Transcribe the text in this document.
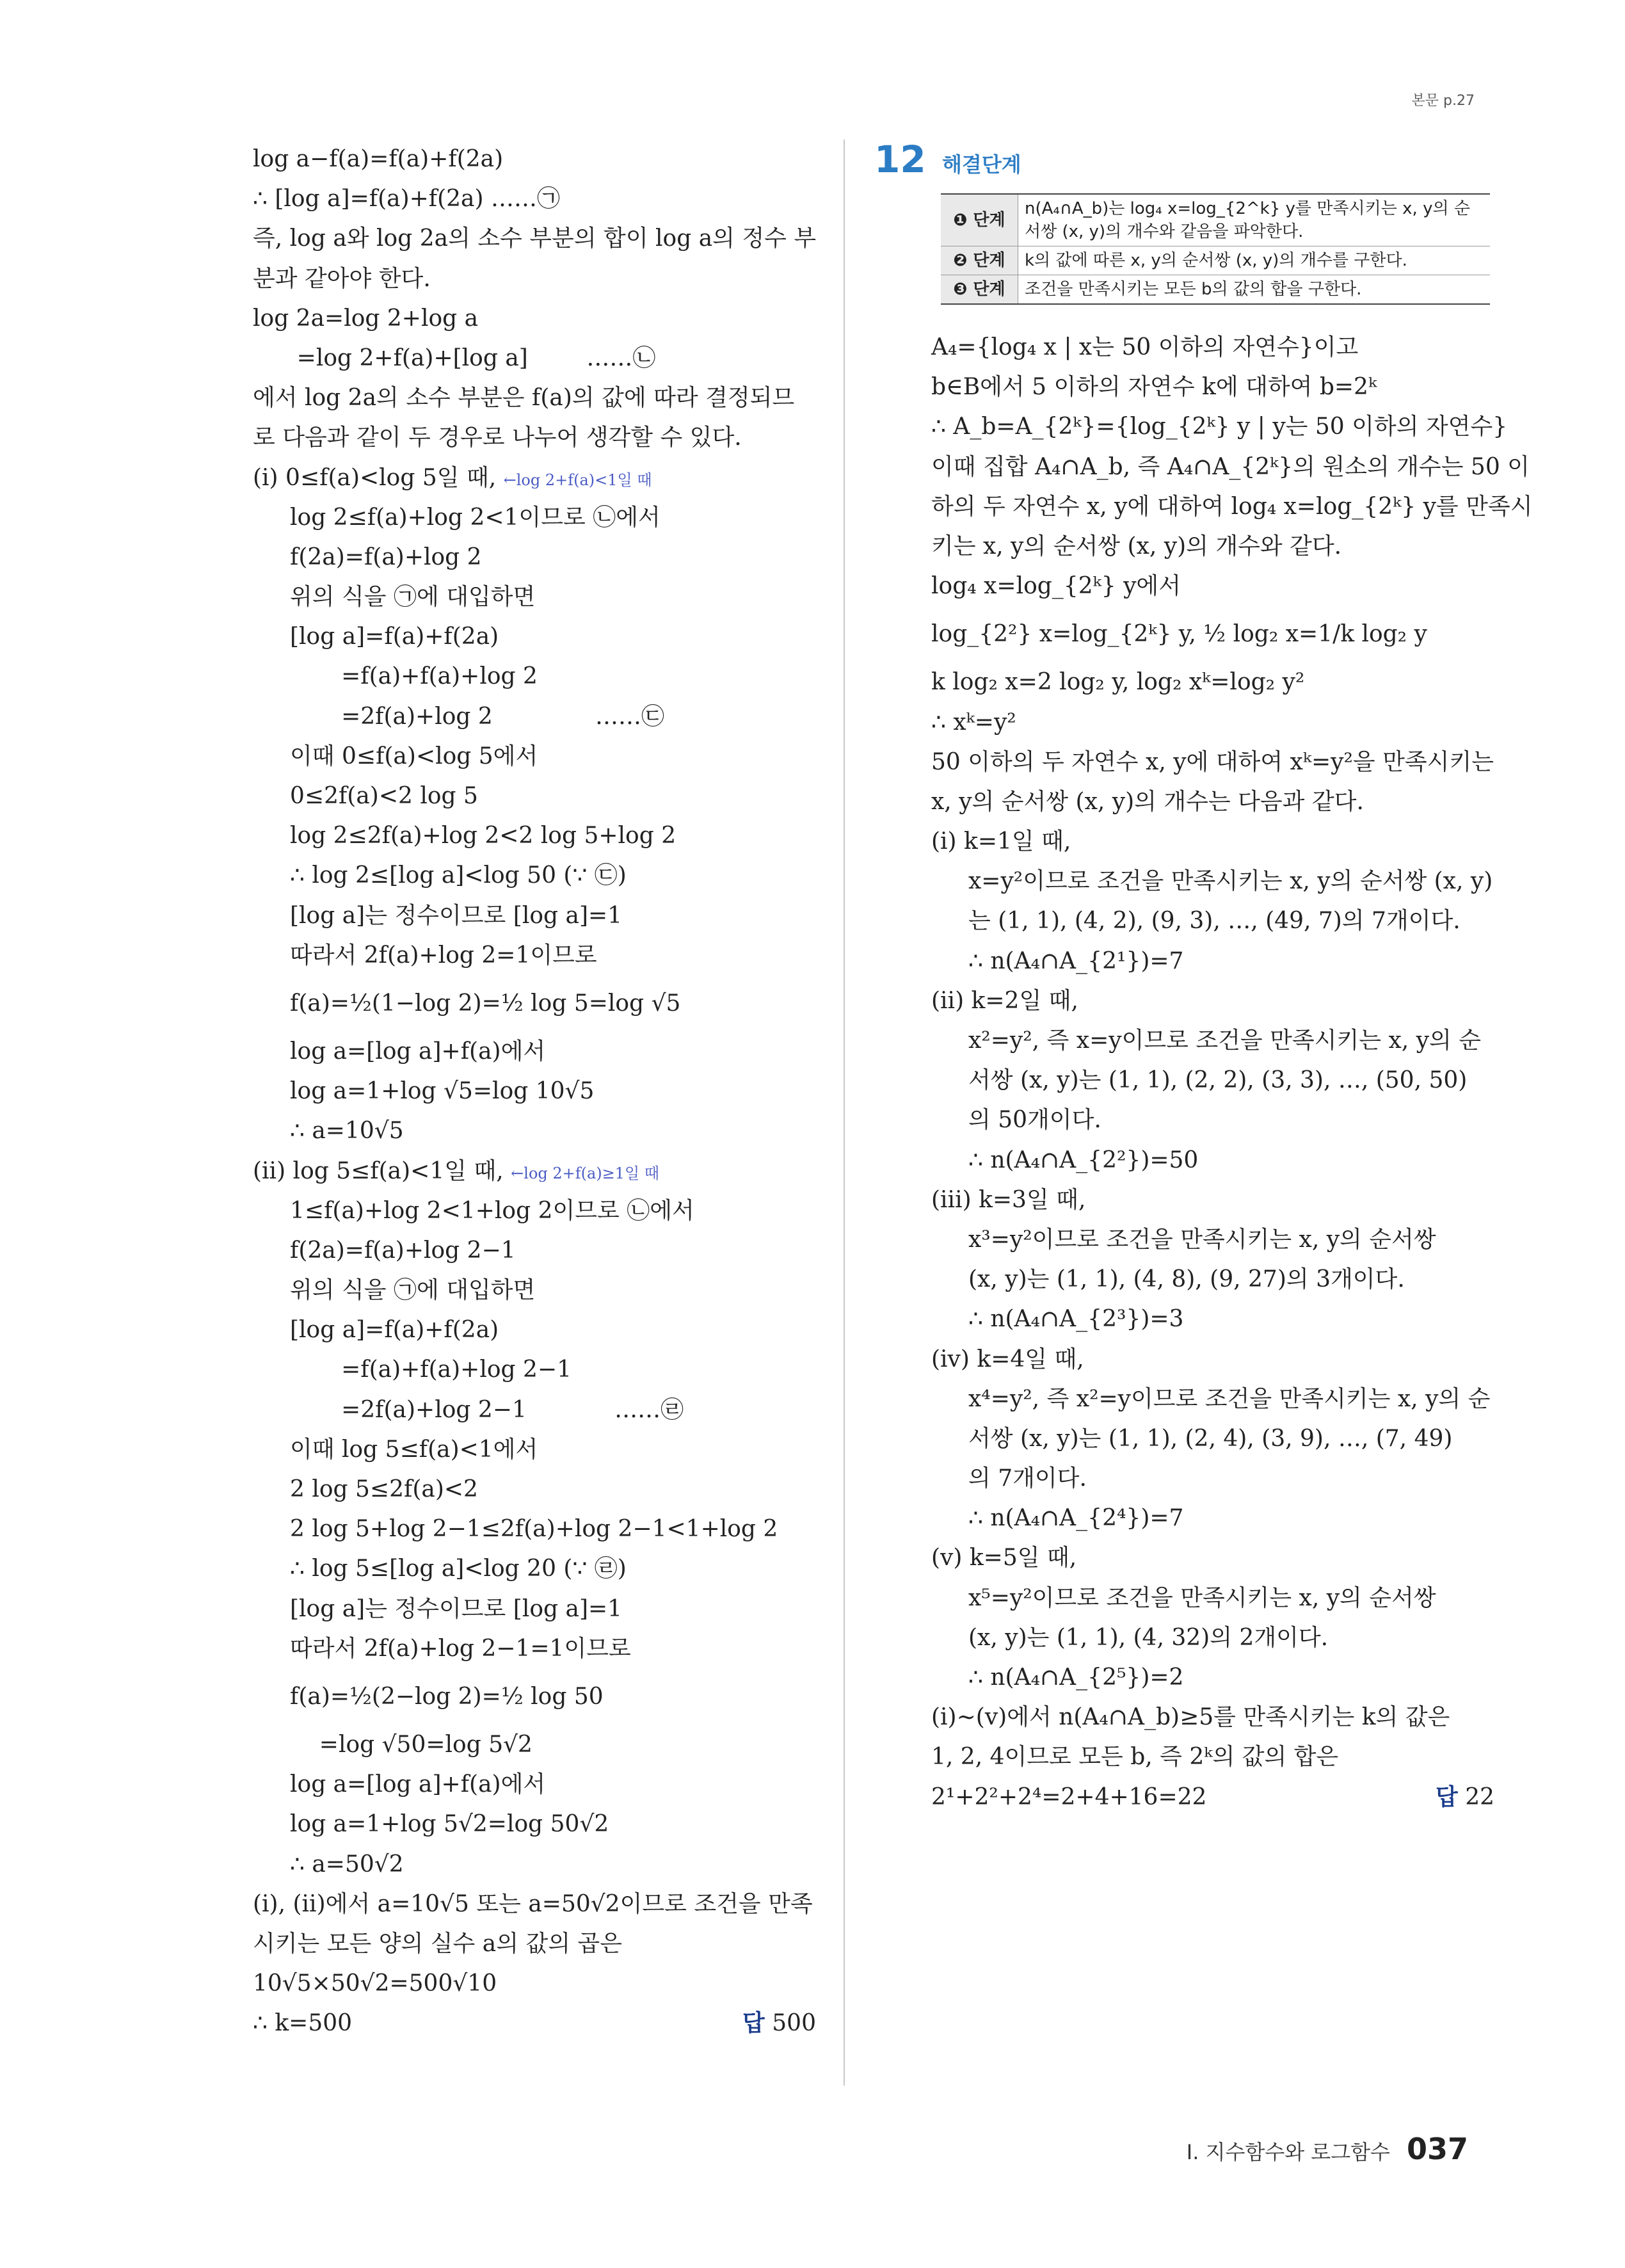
본문 p.27
log a−f(a)=f(a)+f(2a)
∴ [log a]=f(a)+f(2a) ……㉠
즉, log a와 log 2a의 소수 부분의 합이 log a의 정수 부
분과 같아야 한다.
log 2a=log 2+log a
=log 2+f(a)+[log a]        ……㉡
에서 log 2a의 소수 부분은 f(a)의 값에 따라 결정되므
로 다음과 같이 두 경우로 나누어 생각할 수 있다.
(i) 0≤f(a)<log 5일 때, ←log 2+f(a)<1일 때
log 2≤f(a)+log 2<1이므로 ㉡에서
f(2a)=f(a)+log 2
위의 식을 ㉠에 대입하면
[log a]=f(a)+f(2a)
=f(a)+f(a)+log 2
=2f(a)+log 2              ……㉢
이때 0≤f(a)<log 5에서
0≤2f(a)<2 log 5
log 2≤2f(a)+log 2<2 log 5+log 2
∴ log 2≤[log a]<log 50 (∵ ㉢)
[log a]는 정수이므로 [log a]=1
따라서 2f(a)+log 2=1이므로
f(a)=½(1−log 2)=½ log 5=log √5
log a=[log a]+f(a)에서
log a=1+log √5=log 10√5
∴ a=10√5
(ii) log 5≤f(a)<1일 때, ←log 2+f(a)≥1일 때
1≤f(a)+log 2<1+log 2이므로 ㉡에서
f(2a)=f(a)+log 2−1
위의 식을 ㉠에 대입하면
[log a]=f(a)+f(2a)
=f(a)+f(a)+log 2−1
=2f(a)+log 2−1            ……㉣
이때 log 5≤f(a)<1에서
2 log 5≤2f(a)<2
2 log 5+log 2−1≤2f(a)+log 2−1<1+log 2
∴ log 5≤[log a]<log 20 (∵ ㉣)
[log a]는 정수이므로 [log a]=1
따라서 2f(a)+log 2−1=1이므로
f(a)=½(2−log 2)=½ log 50
=log √50=log 5√2
log a=[log a]+f(a)에서
log a=1+log 5√2=log 50√2
∴ a=50√2
(i), (ii)에서 a=10√5 또는 a=50√2이므로 조건을 만족
시키는 모든 양의 실수 a의 값의 곱은
10√5×50√2=500√10
∴ k=500	답 500
12 해결단계
❶ 단계	n(A₄∩A_b)는 log₄ x=log_{2^k} y를 만족시키는 x, y의 순서쌍 (x, y)의 개수와 같음을 파악한다.
❷ 단계	k의 값에 따른 x, y의 순서쌍 (x, y)의 개수를 구한다.
❸ 단계	조건을 만족시키는 모든 b의 값의 합을 구한다.
A₄={log₄ x | x는 50 이하의 자연수}이고
b∈B에서 5 이하의 자연수 k에 대하여 b=2ᵏ
∴ A_b=A_{2ᵏ}={log_{2ᵏ} y | y는 50 이하의 자연수}
이때 집합 A₄∩A_b, 즉 A₄∩A_{2ᵏ}의 원소의 개수는 50 이
하의 두 자연수 x, y에 대하여 log₄ x=log_{2ᵏ} y를 만족시
키는 x, y의 순서쌍 (x, y)의 개수와 같다.
log₄ x=log_{2ᵏ} y에서
log_{2²} x=log_{2ᵏ} y, ½ log₂ x=1/k log₂ y
k log₂ x=2 log₂ y, log₂ xᵏ=log₂ y²
∴ xᵏ=y²
50 이하의 두 자연수 x, y에 대하여 xᵏ=y²을 만족시키는
x, y의 순서쌍 (x, y)의 개수는 다음과 같다.
(i) k=1일 때,
x=y²이므로 조건을 만족시키는 x, y의 순서쌍 (x, y)
는 (1, 1), (4, 2), (9, 3), …, (49, 7)의 7개이다.
∴ n(A₄∩A_{2¹})=7
(ii) k=2일 때,
x²=y², 즉 x=y이므로 조건을 만족시키는 x, y의 순
서쌍 (x, y)는 (1, 1), (2, 2), (3, 3), …, (50, 50)
의 50개이다.
∴ n(A₄∩A_{2²})=50
(iii) k=3일 때,
x³=y²이므로 조건을 만족시키는 x, y의 순서쌍
(x, y)는 (1, 1), (4, 8), (9, 27)의 3개이다.
∴ n(A₄∩A_{2³})=3
(iv) k=4일 때,
x⁴=y², 즉 x²=y이므로 조건을 만족시키는 x, y의 순
서쌍 (x, y)는 (1, 1), (2, 4), (3, 9), …, (7, 49)
의 7개이다.
∴ n(A₄∩A_{2⁴})=7
(v) k=5일 때,
x⁵=y²이므로 조건을 만족시키는 x, y의 순서쌍
(x, y)는 (1, 1), (4, 32)의 2개이다.
∴ n(A₄∩A_{2⁵})=2
(i)~(v)에서 n(A₄∩A_b)≥5를 만족시키는 k의 값은
1, 2, 4이므로 모든 b, 즉 2ᵏ의 값의 합은
2¹+2²+2⁴=2+4+16=22	답 22
Ⅰ. 지수함수와 로그함수 037
